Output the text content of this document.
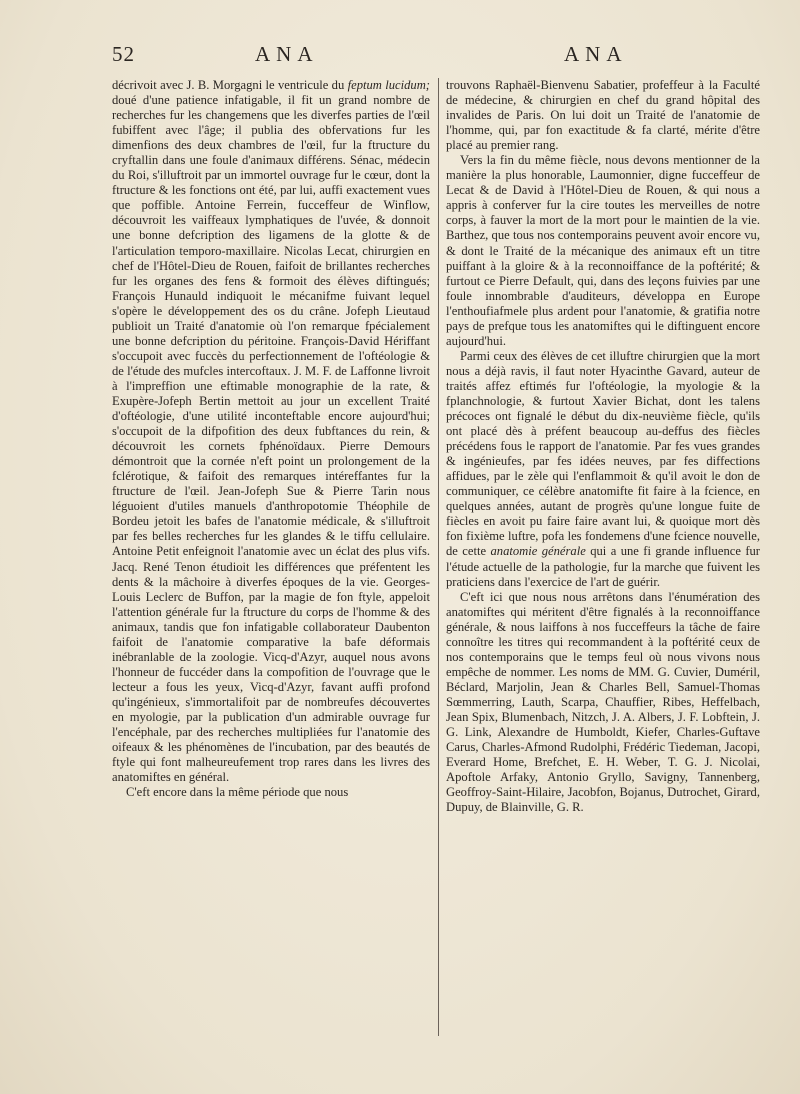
52	ANA	ANA

décrivoit avec J. B. Morgagni le ventricule du feptum lucidum; doué d'une patience infatigable, il fit un grand nombre de recherches fur les changemens que les diverfes parties de l'œil fubiffent avec l'âge; il publia des obfervations fur les dimenfions des deux chambres de l'œil, fur la ftructure du cryftallin dans une foule d'animaux différens. Sénac, médecin du Roi, s'illuftroit par un immortel ouvrage fur le cœur, dont la ftructure & les fonctions ont été, par lui, auffi exactement vues que poffible. Antoine Ferrein, fucceffeur de Winflow, découvroit les vaiffeaux lymphatiques de l'uvée, & donnoit une bonne defcription des ligamens de la glotte & de l'articulation temporo-maxillaire. Nicolas Lecat, chirurgien en chef de l'Hôtel-Dieu de Rouen, faifoit de brillantes recherches fur les organes des fens & formoit des élèves diftingués; François Hunauld indiquoit le mécanifme fuivant lequel s'opère le développement des os du crâne. Jofeph Lieutaud publioit un Traité d'anatomie où l'on remarque fpécialement une bonne defcription du péritoine. François-David Hériffant s'occupoit avec fuccès du perfectionnement de l'oftéologie & de l'étude des mufcles intercoftaux. J. M. F. de Laffonne livroit à l'impreffion une eftimable monographie de la rate, & Exupère-Jofeph Bertin mettoit au jour un excellent Traité d'oftéologie, d'une utilité inconteftable encore aujourd'hui; s'occupoit de la difpofition des deux fubftances du rein, & découvroit les cornets fphénoïdaux. Pierre Demours démontroit que la cornée n'eft point un prolongement de la fclérotique, & faifoit des remarques intéreffantes fur la ftructure de l'œil. Jean-Jofeph Sue & Pierre Tarin nous léguoient d'utiles manuels d'anthropotomie Théophile de Bordeu jetoit les bafes de l'anatomie médicale, & s'illuftroit par fes belles recherches fur les glandes & le tiffu cellulaire. Antoine Petit enfeignoit l'anatomie avec un éclat des plus vifs. Jacq. René Tenon étudioit les différences que préfentent les dents & la mâchoire à diverfes époques de la vie. Georges-Louis Leclerc de Buffon, par la magie de fon ftyle, appeloit l'attention générale fur la ftructure du corps de l'homme & des animaux, tandis que fon infatigable collaborateur Daubenton faifoit de l'anatomie comparative la bafe déformais inébranlable de la zoologie. Vicq-d'Azyr, auquel nous avons l'honneur de fuccéder dans la compofition de l'ouvrage que le lecteur a fous les yeux, Vicq-d'Azyr, favant auffi profond qu'ingénieux, s'immortalifoit par de nombreufes découvertes en myologie, par la publication d'un admirable ouvrage fur l'encéphale, par des recherches multipliées fur l'anatomie des oifeaux & les phénomènes de l'incubation, par des beautés de ftyle qui font malheureufement trop rares dans les livres des anatomiftes en général.

C'eft encore dans la même période que nous

trouvons Raphaël-Bienvenu Sabatier, profeffeur à la Faculté de médecine, & chirurgien en chef du grand hôpital des invalides de Paris. On lui doit un Traité de l'anatomie de l'homme, qui, par fon exactitude & fa clarté, mérite d'être placé au premier rang.

Vers la fin du même fiècle, nous devons mentionner de la manière la plus honorable, Laumonnier, digne fucceffeur de Lecat & de David à l'Hôtel-Dieu de Rouen, & qui nous a appris à conferver fur la cire toutes les merveilles de notre corps, à fauver la mort de la mort pour le maintien de la vie. Barthez, que tous nos contemporains peuvent avoir encore vu, & dont le Traité de la mécanique des animaux eft un titre puiffant à la gloire & à la reconnoiffance de la poftérité; & furtout ce Pierre Default, qui, dans des leçons fuivies par une foule innombrable d'auditeurs, développa en Europe l'enthoufiafmele plus ardent pour l'anatomie, & gratifia notre pays de prefque tous les anatomiftes qui le diftinguent encore aujourd'hui.

Parmi ceux des élèves de cet illuftre chirurgien que la mort nous a déjà ravis, il faut noter Hyacinthe Gavard, auteur de traités affez eftimés fur l'oftéologie, la myologie & la fplanchnologie, & furtout Xavier Bichat, dont les talens précoces ont fignalé le début du dix-neuvième fiècle, qu'ils ont placé dès à préfent beaucoup au-deffus des fiècles précédens fous le rapport de l'anatomie. Par fes vues grandes & ingénieufes, par fes idées neuves, par fes diffections affidues, par le zèle qui l'enflammoit & qu'il avoit le don de communiquer, ce célèbre anatomifte fit faire à la fcience, en quelques années, autant de progrès qu'une longue fuite de fiècles en avoit pu faire faire avant lui, & quoique mort dès fon fixième luftre, pofa les fondemens d'une fcience nouvelle, de cette anatomie générale qui a une fi grande influence fur l'étude actuelle de la pathologie, fur la marche que fuivent les praticiens dans l'exercice de l'art de guérir.

C'eft ici que nous nous arrêtons dans l'énumération des anatomiftes qui méritent d'être fignalés à la reconnoiffance générale, & nous laiffons à nos fucceffeurs la tâche de faire connoître les titres qui recommandent à la poftérité ceux de nos contemporains que le temps feul où nous vivons nous empêche de nommer. Les noms de MM. G. Cuvier, Duméril, Béclard, Marjolin, Jean & Charles Bell, Samuel-Thomas Sœmmerring, Lauth, Scarpa, Chauffier, Ribes, Heffelbach, Jean Spix, Blumenbach, Nitzch, J. A. Albers, J. F. Lobftein, J. G. Link, Alexandre de Humboldt, Kiefer, Charles-Guftave Carus, Charles-Afmond Rudolphi, Frédéric Tiedeman, Jacopi, Everard Home, Brefchet, E. H. Weber, T. G. J. Nicolai, Apoftole Arfaky, Antonio Gryllo, Savigny, Tannenberg, Geoffroy-Saint-Hilaire, Jacobfon, Bojanus, Dutrochet, Girard, Dupuy, de Blainville, G. R.
